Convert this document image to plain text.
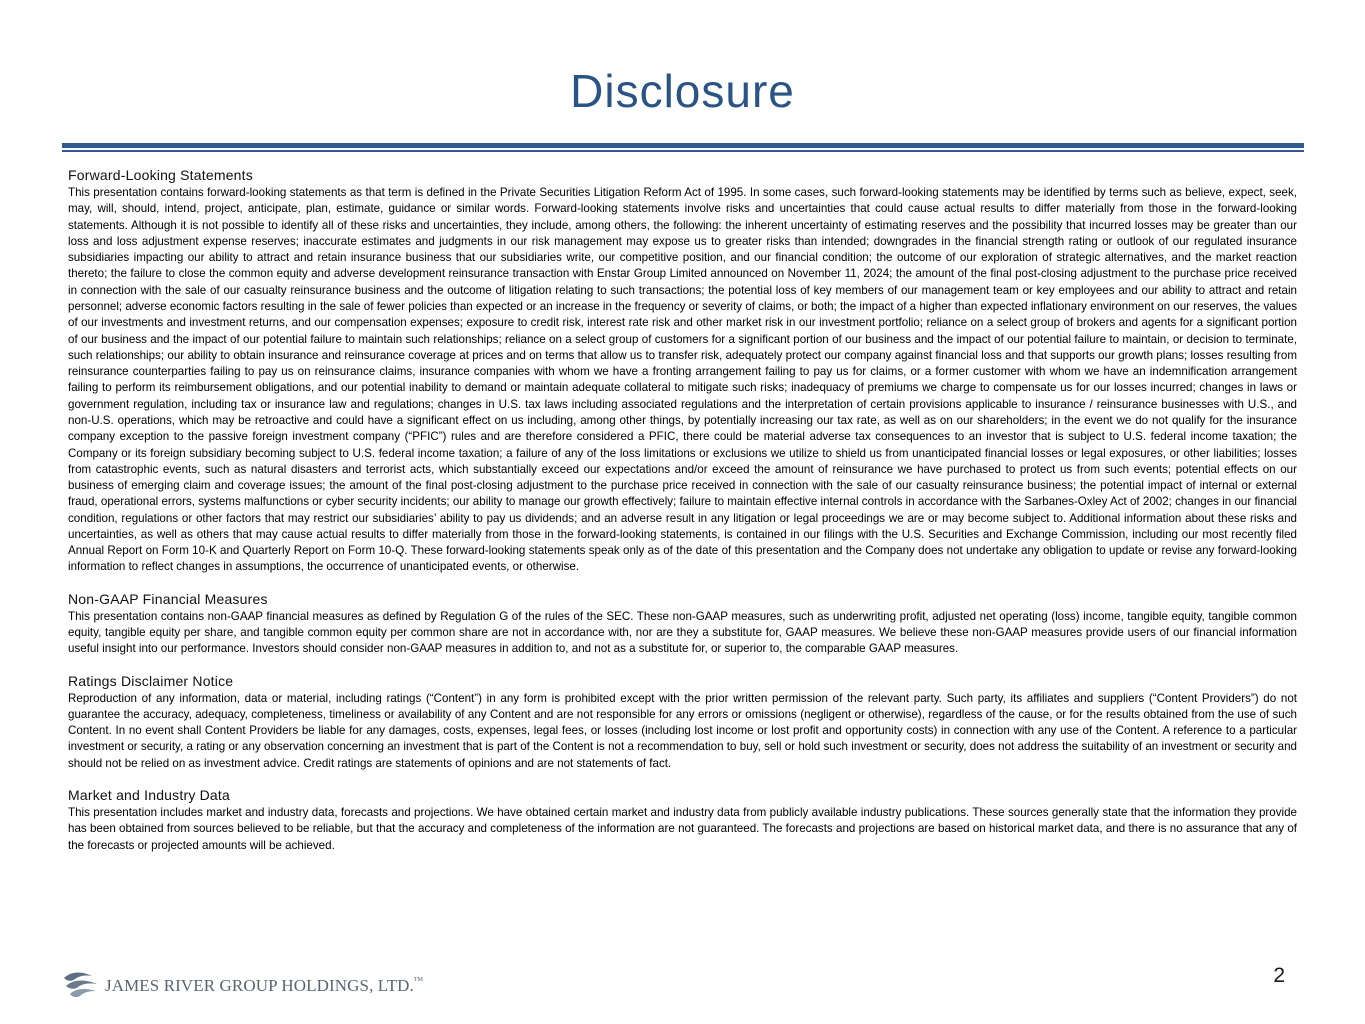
Disclosure
Forward-Looking Statements

This presentation contains forward-looking statements as that term is defined in the Private Securities Litigation Reform Act of 1995. In some cases, such forward-looking statements may be identified by terms such as believe, expect, seek, may, will, should, intend, project, anticipate, plan, estimate, guidance or similar words. Forward-looking statements involve risks and uncertainties that could cause actual results to differ materially from those in the forward-looking statements. Although it is not possible to identify all of these risks and uncertainties, they include, among others, the following: the inherent uncertainty of estimating reserves and the possibility that incurred losses may be greater than our loss and loss adjustment expense reserves; inaccurate estimates and judgments in our risk management may expose us to greater risks than intended; downgrades in the financial strength rating or outlook of our regulated insurance subsidiaries impacting our ability to attract and retain insurance business that our subsidiaries write, our competitive position, and our financial condition; the outcome of our exploration of strategic alternatives, and the market reaction thereto; the failure to close the common equity and adverse development reinsurance transaction with Enstar Group Limited announced on November 11, 2024; the amount of the final post-closing adjustment to the purchase price received in connection with the sale of our casualty reinsurance business and the outcome of litigation relating to such transactions; the potential loss of key members of our management team or key employees and our ability to attract and retain personnel; adverse economic factors resulting in the sale of fewer policies than expected or an increase in the frequency or severity of claims, or both; the impact of a higher than expected inflationary environment on our reserves, the values of our investments and investment returns, and our compensation expenses; exposure to credit risk, interest rate risk and other market risk in our investment portfolio; reliance on a select group of brokers and agents for a significant portion of our business and the impact of our potential failure to maintain such relationships; reliance on a select group of customers for a significant portion of our business and the impact of our potential failure to maintain, or decision to terminate, such relationships; our ability to obtain insurance and reinsurance coverage at prices and on terms that allow us to transfer risk, adequately protect our company against financial loss and that supports our growth plans; losses resulting from reinsurance counterparties failing to pay us on reinsurance claims, insurance companies with whom we have a fronting arrangement failing to pay us for claims, or a former customer with whom we have an indemnification arrangement failing to perform its reimbursement obligations, and our potential inability to demand or maintain adequate collateral to mitigate such risks; inadequacy of premiums we charge to compensate us for our losses incurred; changes in laws or government regulation, including tax or insurance law and regulations; changes in U.S. tax laws including associated regulations and the interpretation of certain provisions applicable to insurance / reinsurance businesses with U.S., and non-U.S. operations, which may be retroactive and could have a significant effect on us including, among other things, by potentially increasing our tax rate, as well as on our shareholders; in the event we do not qualify for the insurance company exception to the passive foreign investment company (“PFIC”) rules and are therefore considered a PFIC, there could be material adverse tax consequences to an investor that is subject to U.S. federal income taxation; the Company or its foreign subsidiary becoming subject to U.S. federal income taxation; a failure of any of the loss limitations or exclusions we utilize to shield us from unanticipated financial losses or legal exposures, or other liabilities; losses from catastrophic events, such as natural disasters and terrorist acts, which substantially exceed our expectations and/or exceed the amount of reinsurance we have purchased to protect us from such events; potential effects on our business of emerging claim and coverage issues; the amount of the final post-closing adjustment to the purchase price received in connection with the sale of our casualty reinsurance business; the potential impact of internal or external fraud, operational errors, systems malfunctions or cyber security incidents; our ability to manage our growth effectively; failure to maintain effective internal controls in accordance with the Sarbanes-Oxley Act of 2002; changes in our financial condition, regulations or other factors that may restrict our subsidiaries’ ability to pay us dividends; and an adverse result in any litigation or legal proceedings we are or may become subject to. Additional information about these risks and uncertainties, as well as others that may cause actual results to differ materially from those in the forward-looking statements, is contained in our filings with the U.S. Securities and Exchange Commission, including our most recently filed Annual Report on Form 10-K and Quarterly Report on Form 10-Q. These forward-looking statements speak only as of the date of this presentation and the Company does not undertake any obligation to update or revise any forward-looking information to reflect changes in assumptions, the occurrence of unanticipated events, or otherwise.

Non-GAAP Financial Measures

This presentation contains non-GAAP financial measures as defined by Regulation G of the rules of the SEC. These non-GAAP measures, such as underwriting profit, adjusted net operating (loss) income, tangible equity, tangible common equity, tangible equity per share, and tangible common equity per common share are not in accordance with, nor are they a substitute for, GAAP measures. We believe these non-GAAP measures provide users of our financial information useful insight into our performance. Investors should consider non-GAAP measures in addition to, and not as a substitute for, or superior to, the comparable GAAP measures.

Ratings Disclaimer Notice

Reproduction of any information, data or material, including ratings (“Content”) in any form is prohibited except with the prior written permission of the relevant party. Such party, its affiliates and suppliers (“Content Providers”) do not guarantee the accuracy, adequacy, completeness, timeliness or availability of any Content and are not responsible for any errors or omissions (negligent or otherwise), regardless of the cause, or for the results obtained from the use of such Content. In no event shall Content Providers be liable for any damages, costs, expenses, legal fees, or losses (including lost income or lost profit and opportunity costs) in connection with any use of the Content. A reference to a particular investment or security, a rating or any observation concerning an investment that is part of the Content is not a recommendation to buy, sell or hold such investment or security, does not address the suitability of an investment or security and should not be relied on as investment advice. Credit ratings are statements of opinions and are not statements of fact.

Market and Industry Data

This presentation includes market and industry data, forecasts and projections. We have obtained certain market and industry data from publicly available industry publications. These sources generally state that the information they provide has been obtained from sources believed to be reliable, but that the accuracy and completeness of the information are not guaranteed. The forecasts and projections are based on historical market data, and there is no assurance that any of the forecasts or projected amounts will be achieved.

JAMES RIVER GROUP HOLDINGS, LTD.™	2
